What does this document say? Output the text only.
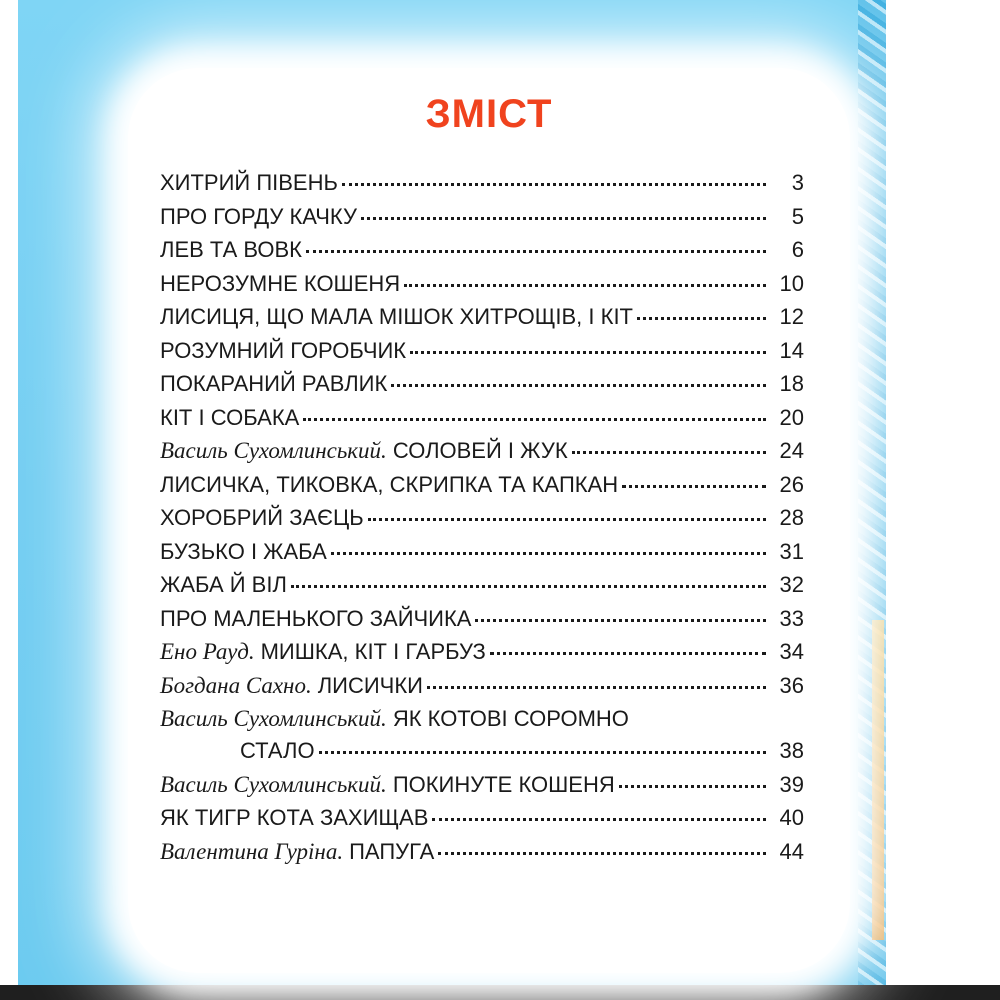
ЗМІСТ
ХИТРИЙ ПІВЕНЬ	3
ПРО ГОРДУ КАЧКУ	5
ЛЕВ ТА ВОВК	6
НЕРОЗУМНЕ КОШЕНЯ	10
ЛИСИЦЯ, ЩО МАЛА МІШОК ХИТРОЩІВ, І КІТ	12
РОЗУМНИЙ ГОРОБЧИК	14
ПОКАРАНИЙ РАВЛИК	18
КІТ І СОБАКА	20
Василь Сухомлинський. СОЛОВЕЙ І ЖУК	24
ЛИСИЧКА, ТИКОВКА, СКРИПКА ТА КАПКАН	26
ХОРОБРИЙ ЗАЄЦЬ	28
БУЗЬКО І ЖАБА	31
ЖАБА Й ВІЛ	32
ПРО МАЛЕНЬКОГО ЗАЙЧИКА	33
Ено Рауд. МИШКА, КІТ І ГАРБУЗ	34
Богдана Сахно. ЛИСИЧКИ	36
Василь Сухомлинський. ЯК КОТОВІ СОРОМНО
СТАЛО	38
Василь Сухомлинський. ПОКИНУТЕ КОШЕНЯ	39
ЯК ТИГР КОТА ЗАХИЩАВ	40
Валентина Гуріна. ПАПУГА	44
